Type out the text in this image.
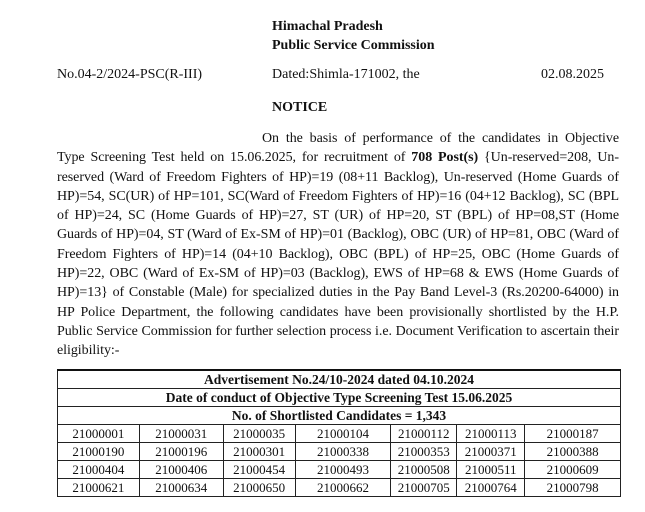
Himachal Pradesh
Public Service Commission
No.04-2/2024-PSC(R-III)	Dated:Shimla-171002, the	02.08.2025
NOTICE
On the basis of performance of the candidates in Objective Type Screening Test held on 15.06.2025, for recruitment of 708 Post(s) {Un-reserved=208, Un-reserved (Ward of Freedom Fighters of HP)=19 (08+11 Backlog), Un-reserved (Home Guards of HP)=54, SC(UR) of HP=101, SC(Ward of Freedom Fighters of HP)=16 (04+12 Backlog), SC (BPL of HP)=24, SC (Home Guards of HP)=27, ST (UR) of HP=20, ST (BPL) of HP=08,ST (Home Guards of HP)=04, ST (Ward of Ex-SM of HP)=01 (Backlog), OBC (UR) of HP=81, OBC (Ward of Freedom Fighters of HP)=14 (04+10 Backlog), OBC (BPL) of HP=25, OBC (Home Guards of HP)=22, OBC (Ward of Ex-SM of HP)=03 (Backlog), EWS of HP=68 & EWS (Home Guards of HP)=13} of Constable (Male) for specialized duties in the Pay Band Level-3 (Rs.20200-64000) in HP Police Department, the following candidates have been provisionally shortlisted by the H.P. Public Service Commission for further selection process i.e. Document Verification to ascertain their eligibility:-
Advertisement No.24/10-2024 dated 04.10.2024						
Date of conduct of Objective Type Screening Test 15.06.2025						
No. of Shortlisted Candidates = 1,343						
21000001	21000031	21000035	21000104	21000112	21000113	21000187
21000190	21000196	21000301	21000338	21000353	21000371	21000388
21000404	21000406	21000454	21000493	21000508	21000511	21000609
21000621	21000634	21000650	21000662	21000705	21000764	21000798
